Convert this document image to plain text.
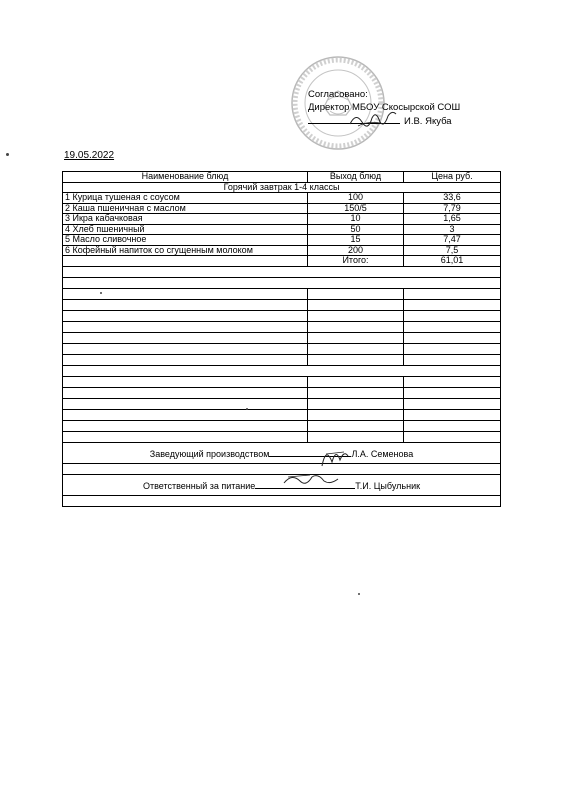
Согласовано:
Директор МБОУ Скосырской СОШ
И.В. Якуба
19.05.2022
Наименование блюд	Выход блюд	Цена руб.
Горячий завтрак 1-4 классы		
1 Курица тушеная с соусом	100	33,6
2 Каша пшеничная с маслом	150/5	7,79
3 Икра кабачковая	10	1,65
4 Хлеб пшеничный	50	3
5 Масло сливочное	15	7,47
6 Кофейный напиток со сгущенным молоком	200	7,5
	Итого:	61,01

Заведующий производством Л.А. Семенова		

Ответственный за питание Т.И. Цыбульник		
